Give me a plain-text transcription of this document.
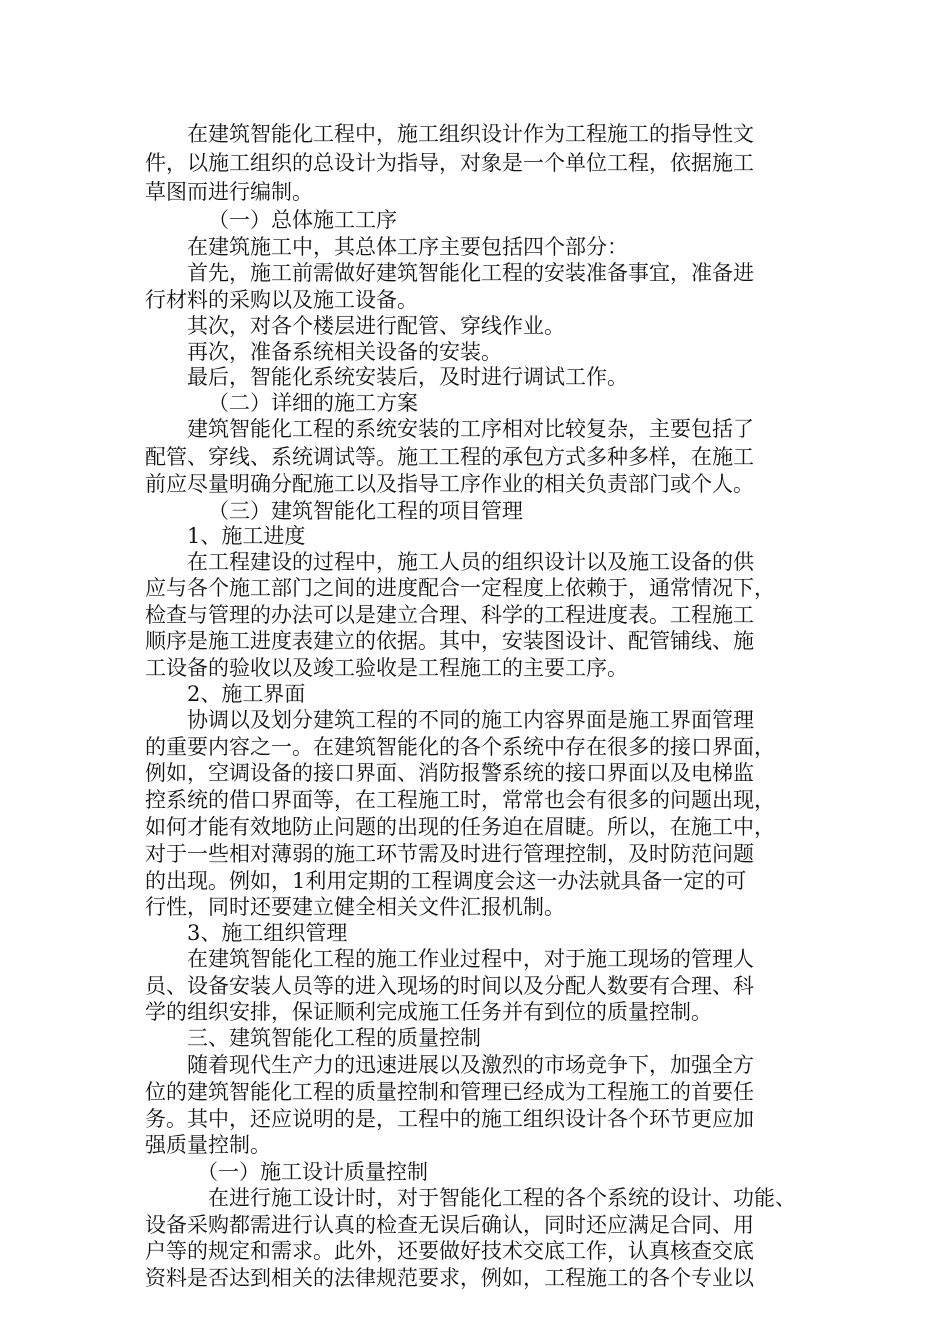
在建筑智能化工程中，施工组织设计作为工程施工的指导性文
件，以施工组织的总设计为指导，对象是一个单位工程，依据施工
草图而进行编制。
（一）总体施工工序
在建筑施工中，其总体工序主要包括四个部分：
首先，施工前需做好建筑智能化工程的安装准备事宜，准备进
行材料的采购以及施工设备。
其次，对各个楼层进行配管、穿线作业。
再次，准备系统相关设备的安装。
最后，智能化系统安装后，及时进行调试工作。
（二）详细的施工方案
建筑智能化工程的系统安装的工序相对比较复杂，主要包括了
配管、穿线、系统调试等。施工工程的承包方式多种多样，在施工
前应尽量明确分配施工以及指导工序作业的相关负责部门或个人。
（三）建筑智能化工程的项目管理
1、施工进度
在工程建设的过程中，施工人员的组织设计以及施工设备的供
应与各个施工部门之间的进度配合一定程度上依赖于，通常情况下，
检查与管理的办法可以是建立合理、科学的工程进度表。工程施工
顺序是施工进度表建立的依据。其中，安装图设计、配管铺线、施
工设备的验收以及竣工验收是工程施工的主要工序。
2、施工界面
协调以及划分建筑工程的不同的施工内容界面是施工界面管理
的重要内容之一。在建筑智能化的各个系统中存在很多的接口界面，
例如，空调设备的接口界面、消防报警系统的接口界面以及电梯监
控系统的借口界面等，在工程施工时，常常也会有很多的问题出现，
如何才能有效地防止问题的出现的任务迫在眉睫。所以，在施工中，
对于一些相对薄弱的施工环节需及时进行管理控制，及时防范问题
的出现。例如，1利用定期的工程调度会这一办法就具备一定的可
行性，同时还要建立健全相关文件汇报机制。
3、施工组织管理
在建筑智能化工程的施工作业过程中，对于施工现场的管理人
员、设备安装人员等的进入现场的时间以及分配人数要有合理、科
学的组织安排，保证顺利完成施工任务并有到位的质量控制。
三、建筑智能化工程的质量控制
随着现代生产力的迅速进展以及激烈的市场竞争下，加强全方
位的建筑智能化工程的质量控制和管理已经成为工程施工的首要任
务。其中，还应说明的是，工程中的施工组织设计各个环节更应加
强质量控制。
（一）施工设计质量控制
在进行施工设计时，对于智能化工程的各个系统的设计、功能、
设备采购都需进行认真的检查无误后确认，同时还应满足合同、用
户等的规定和需求。此外，还要做好技术交底工作，认真核查交底
资料是否达到相关的法律规范要求，例如，工程施工的各个专业以
